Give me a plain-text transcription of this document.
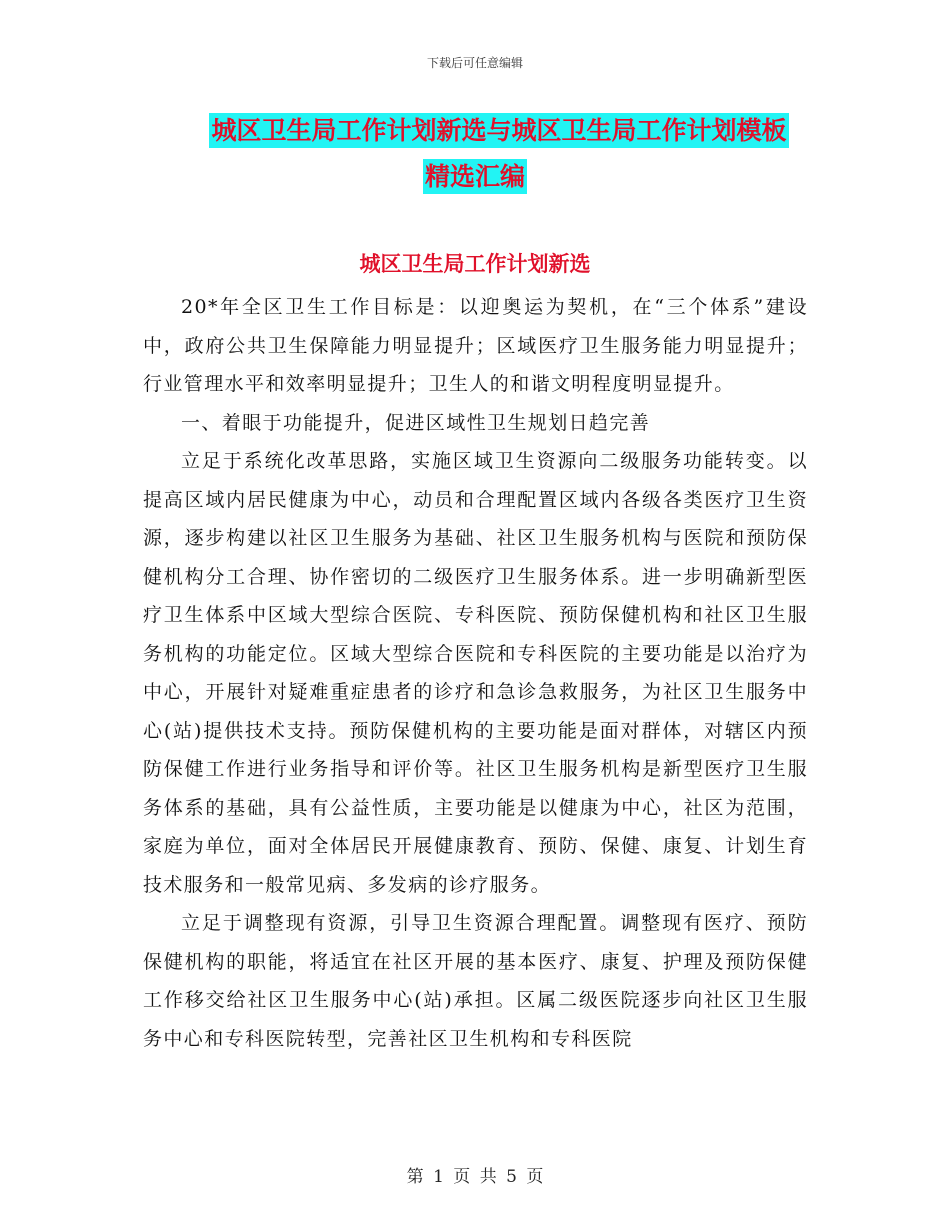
下载后可任意编辑
城区卫生局工作计划新选与城区卫生局工作计划模板
精选汇编
城区卫生局工作计划新选

20*年全区卫生工作目标是：以迎奥运为契机，在“三个体系”建设中，政府公共卫生保障能力明显提升；区域医疗卫生服务能力明显提升；行业管理水平和效率明显提升；卫生人的和谐文明程度明显提升。

一、着眼于功能提升，促进区域性卫生规划日趋完善

立足于系统化改革思路，实施区域卫生资源向二级服务功能转变。以提高区域内居民健康为中心，动员和合理配置区域内各级各类医疗卫生资源，逐步构建以社区卫生服务为基础、社区卫生服务机构与医院和预防保健机构分工合理、协作密切的二级医疗卫生服务体系。进一步明确新型医疗卫生体系中区域大型综合医院、专科医院、预防保健机构和社区卫生服务机构的功能定位。区域大型综合医院和专科医院的主要功能是以治疗为中心，开展针对疑难重症患者的诊疗和急诊急救服务，为社区卫生服务中心(站)提供技术支持。预防保健机构的主要功能是面对群体，对辖区内预防保健工作进行业务指导和评价等。社区卫生服务机构是新型医疗卫生服务体系的基础，具有公益性质，主要功能是以健康为中心，社区为范围，家庭为单位，面对全体居民开展健康教育、预防、保健、康复、计划生育技术服务和一般常见病、多发病的诊疗服务。

立足于调整现有资源，引导卫生资源合理配置。调整现有医疗、预防保健机构的职能，将适宜在社区开展的基本医疗、康复、护理及预防保健工作移交给社区卫生服务中心(站)承担。区属二级医院逐步向社区卫生服务中心和专科医院转型，完善社区卫生机构和专科医院

第 1 页 共 5 页
